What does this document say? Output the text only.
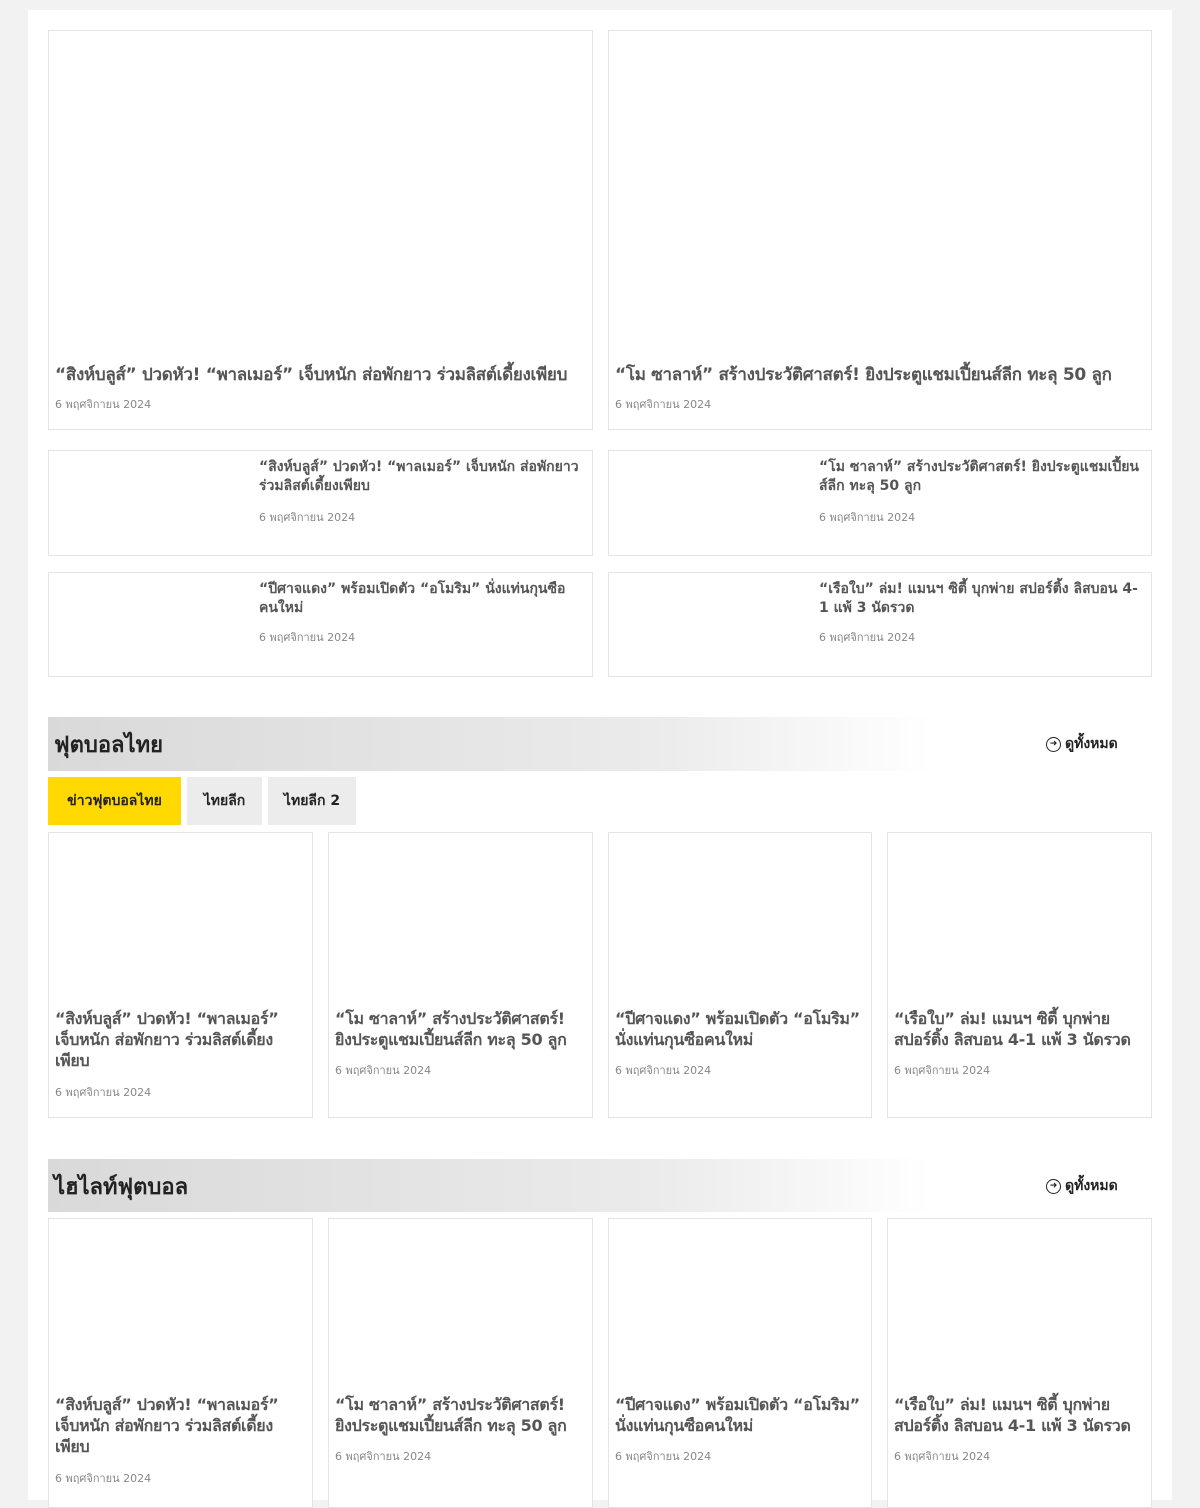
“สิงห์บลูส์” ปวดหัว! “พาลเมอร์” เจ็บหนัก ส่อพักยาว ร่วมลิสต์เดี้ยงเพียบ
6 พฤศจิกายน 2024
“โม ซาลาห์” สร้างประวัติศาสตร์! ยิงประตูแชมเปี้ยนส์ลีก ทะลุ 50 ลูก
6 พฤศจิกายน 2024
“สิงห์บลูส์” ปวดหัว! “พาลเมอร์” เจ็บหนัก ส่อพักยาว ร่วมลิสต์เดี้ยงเพียบ
6 พฤศจิกายน 2024
“โม ซาลาห์” สร้างประวัติศาสตร์! ยิงประตูแชมเปี้ยนส์ลีก ทะลุ 50 ลูก
6 พฤศจิกายน 2024
“ปีศาจแดง” พร้อมเปิดตัว “อโมริม” นั่งแท่นกุนซือคนใหม่
6 พฤศจิกายน 2024
“เรือใบ” ล่ม! แมนฯ ซิตี้ บุกพ่าย สปอร์ติ้ง ลิสบอน 4-1 แพ้ 3 นัดรวด
6 พฤศจิกายน 2024
ฟุตบอลไทย	➜ ดูทั้งหมด
ข่าวฟุตบอลไทย	ไทยลีก	ไทยลีก 2
“สิงห์บลูส์” ปวดหัว! “พาลเมอร์” เจ็บหนัก ส่อพักยาว ร่วมลิสต์เดี้ยงเพียบ
6 พฤศจิกายน 2024
“โม ซาลาห์” สร้างประวัติศาสตร์! ยิงประตูแชมเปี้ยนส์ลีก ทะลุ 50 ลูก
6 พฤศจิกายน 2024
“ปีศาจแดง” พร้อมเปิดตัว “อโมริม” นั่งแท่นกุนซือคนใหม่
6 พฤศจิกายน 2024
“เรือใบ” ล่ม! แมนฯ ซิตี้ บุกพ่าย สปอร์ติ้ง ลิสบอน 4-1 แพ้ 3 นัดรวด
6 พฤศจิกายน 2024
ไฮไลท์ฟุตบอล	➜ ดูทั้งหมด
“สิงห์บลูส์” ปวดหัว! “พาลเมอร์” เจ็บหนัก ส่อพักยาว ร่วมลิสต์เดี้ยงเพียบ
6 พฤศจิกายน 2024
“โม ซาลาห์” สร้างประวัติศาสตร์! ยิงประตูแชมเปี้ยนส์ลีก ทะลุ 50 ลูก
6 พฤศจิกายน 2024
“ปีศาจแดง” พร้อมเปิดตัว “อโมริม” นั่งแท่นกุนซือคนใหม่
6 พฤศจิกายน 2024
“เรือใบ” ล่ม! แมนฯ ซิตี้ บุกพ่าย สปอร์ติ้ง ลิสบอน 4-1 แพ้ 3 นัดรวด
6 พฤศจิกายน 2024
